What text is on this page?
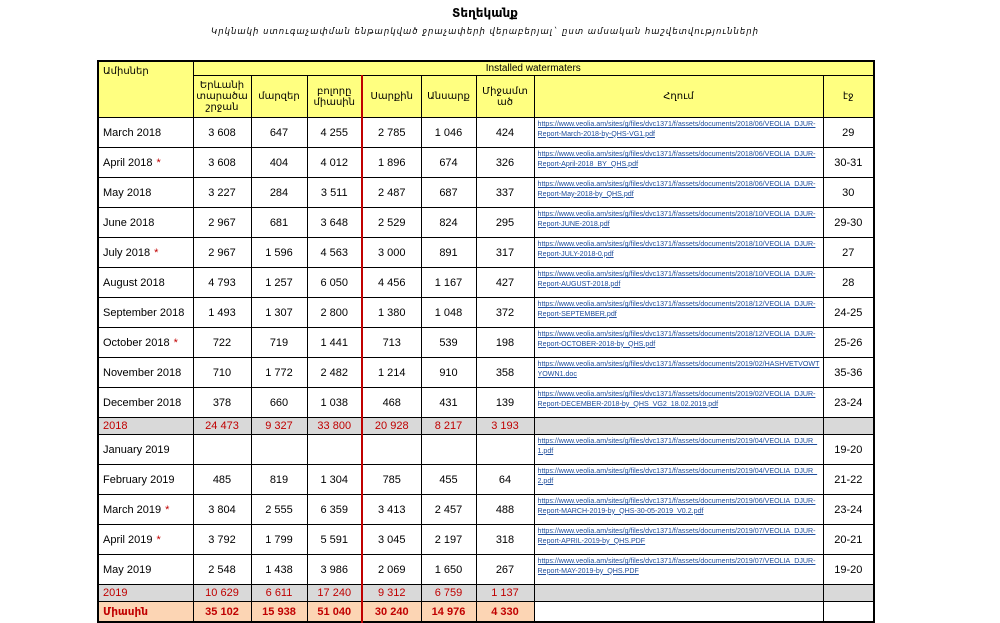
Տեղեկանք
Կրկնակի ստուգաչափման ենթարկված ջրաչափերի վերաբերյալ` ըստ ամսական հաշվետվությունների
Ամիսներ	Installed watermaters							
	Երևանի տարածաշրջան	մարզեր	բոլորը միասին	Սարքին	Անսարք	Միջամտած	Հղում	էջ
March 2018	3 608	647	4 255	2 785	1 046	424	https://www.veolia.am/sites/g/files/dvc1371/f/assets/documents/2018/06/VEOLIA_DJUR-Report-March-2018-by-QHS-VG1.pdf	29
April 2018 *	3 608	404	4 012	1 896	674	326	https://www.veolia.am/sites/g/files/dvc1371/f/assets/documents/2018/06/VEOLIA_DJUR-Report-April-2018_BY_QHS.pdf	30-31
May 2018	3 227	284	3 511	2 487	687	337	https://www.veolia.am/sites/g/files/dvc1371/f/assets/documents/2018/06/VEOLIA_DJUR-Report-May-2018-by_QHS.pdf	30
June 2018	2 967	681	3 648	2 529	824	295	https://www.veolia.am/sites/g/files/dvc1371/f/assets/documents/2018/10/VEOLIA_DJUR-Report-JUNE-2018.pdf	29-30
July 2018 *	2 967	1 596	4 563	3 000	891	317	https://www.veolia.am/sites/g/files/dvc1371/f/assets/documents/2018/10/VEOLIA_DJUR-Report-JULY-2018-0.pdf	27
August 2018	4 793	1 257	6 050	4 456	1 167	427	https://www.veolia.am/sites/g/files/dvc1371/f/assets/documents/2018/10/VEOLIA_DJUR-Report-AUGUST-2018.pdf	28
September 2018	1 493	1 307	2 800	1 380	1 048	372	https://www.veolia.am/sites/g/files/dvc1371/f/assets/documents/2018/12/VEOLIA_DJUR-Report-SEPTEMBER.pdf	24-25
October 2018 *	722	719	1 441	713	539	198	https://www.veolia.am/sites/g/files/dvc1371/f/assets/documents/2018/12/VEOLIA_DJUR-Report-OCTOBER-2018-by_QHS.pdf	25-26
November 2018	710	1 772	2 482	1 214	910	358	https://www.veolia.am/sites/g/files/dvc1371/f/assets/documents/2019/02/HASHVETVOWTYOWN1.doc	35-36
December 2018	378	660	1 038	468	431	139	https://www.veolia.am/sites/g/files/dvc1371/f/assets/documents/2019/02/VEOLIA_DJUR-Report-DECEMBER-2018-by_QHS_VG2_18.02.2019.pdf	23-24
2018	24 473	9 327	33 800	20 928	8 217	3 193		
January 2019							https://www.veolia.am/sites/g/files/dvc1371/f/assets/documents/2019/04/VEOLIA_DJUR_1.pdf	19-20
February 2019	485	819	1 304	785	455	64	https://www.veolia.am/sites/g/files/dvc1371/f/assets/documents/2019/04/VEOLIA_DJUR_2.pdf	21-22
March 2019 *	3 804	2 555	6 359	3 413	2 457	488	https://www.veolia.am/sites/g/files/dvc1371/f/assets/documents/2019/06/VEOLIA_DJUR-Report-MARCH-2019-by_QHS-30-05-2019_V0.2.pdf	23-24
April 2019 *	3 792	1 799	5 591	3 045	2 197	318	https://www.veolia.am/sites/g/files/dvc1371/f/assets/documents/2019/07/VEOLIA_DJUR-Report-APRIL-2019-by_QHS.PDF	20-21
May 2019	2 548	1 438	3 986	2 069	1 650	267	https://www.veolia.am/sites/g/files/dvc1371/f/assets/documents/2019/07/VEOLIA_DJUR-Report-MAY-2019-by_QHS.PDF	19-20
2019	10 629	6 611	17 240	9 312	6 759	1 137		
Միասին	35 102	15 938	51 040	30 240	14 976	4 330		
